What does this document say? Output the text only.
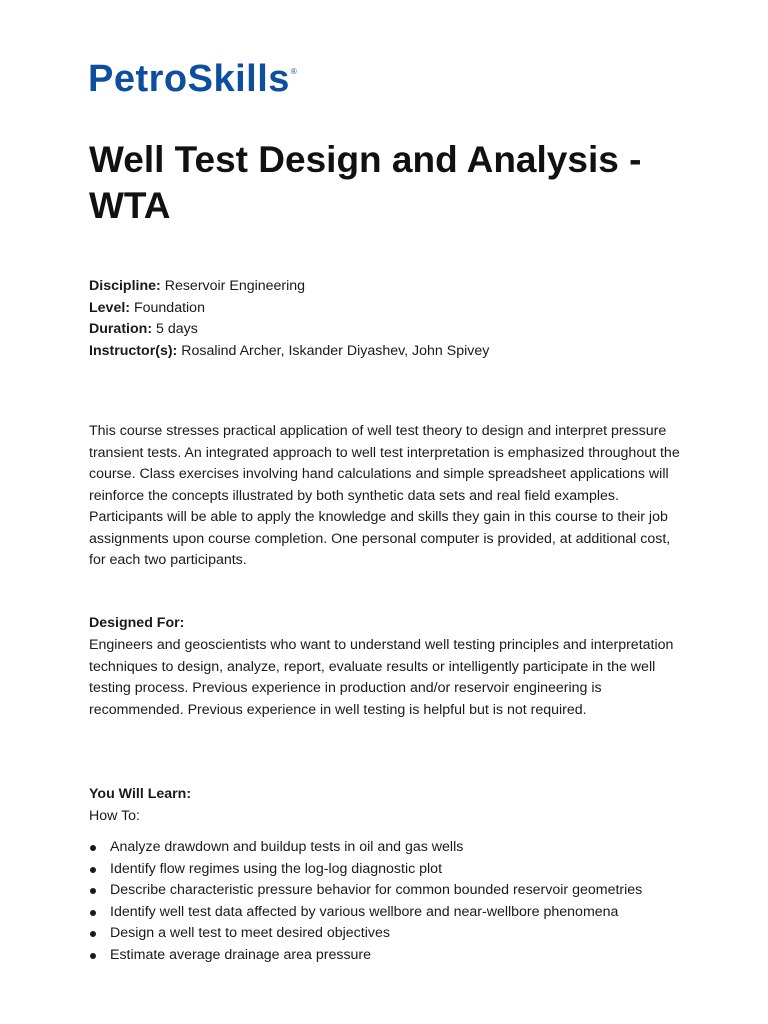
PetroSkills ®
Well Test Design and Analysis - WTA
Discipline: Reservoir Engineering
Level: Foundation
Duration: 5 days
Instructor(s): Rosalind Archer, Iskander Diyashev, John Spivey

This course stresses practical application of well test theory to design and interpret pressure transient tests. An integrated approach to well test interpretation is emphasized throughout the course. Class exercises involving hand calculations and simple spreadsheet applications will reinforce the concepts illustrated by both synthetic data sets and real field examples. Participants will be able to apply the knowledge and skills they gain in this course to their job assignments upon course completion. One personal computer is provided, at additional cost, for each two participants.

Designed For:

Engineers and geoscientists who want to understand well testing principles and interpretation techniques to design, analyze, report, evaluate results or intelligently participate in the well testing process. Previous experience in production and/or reservoir engineering is recommended. Previous experience in well testing is helpful but is not required.

You Will Learn:

How To:

Analyze drawdown and buildup tests in oil and gas wells
Identify flow regimes using the log-log diagnostic plot
Describe characteristic pressure behavior for common bounded reservoir geometries
Identify well test data affected by various wellbore and near-wellbore phenomena
Design a well test to meet desired objectives
Estimate average drainage area pressure
